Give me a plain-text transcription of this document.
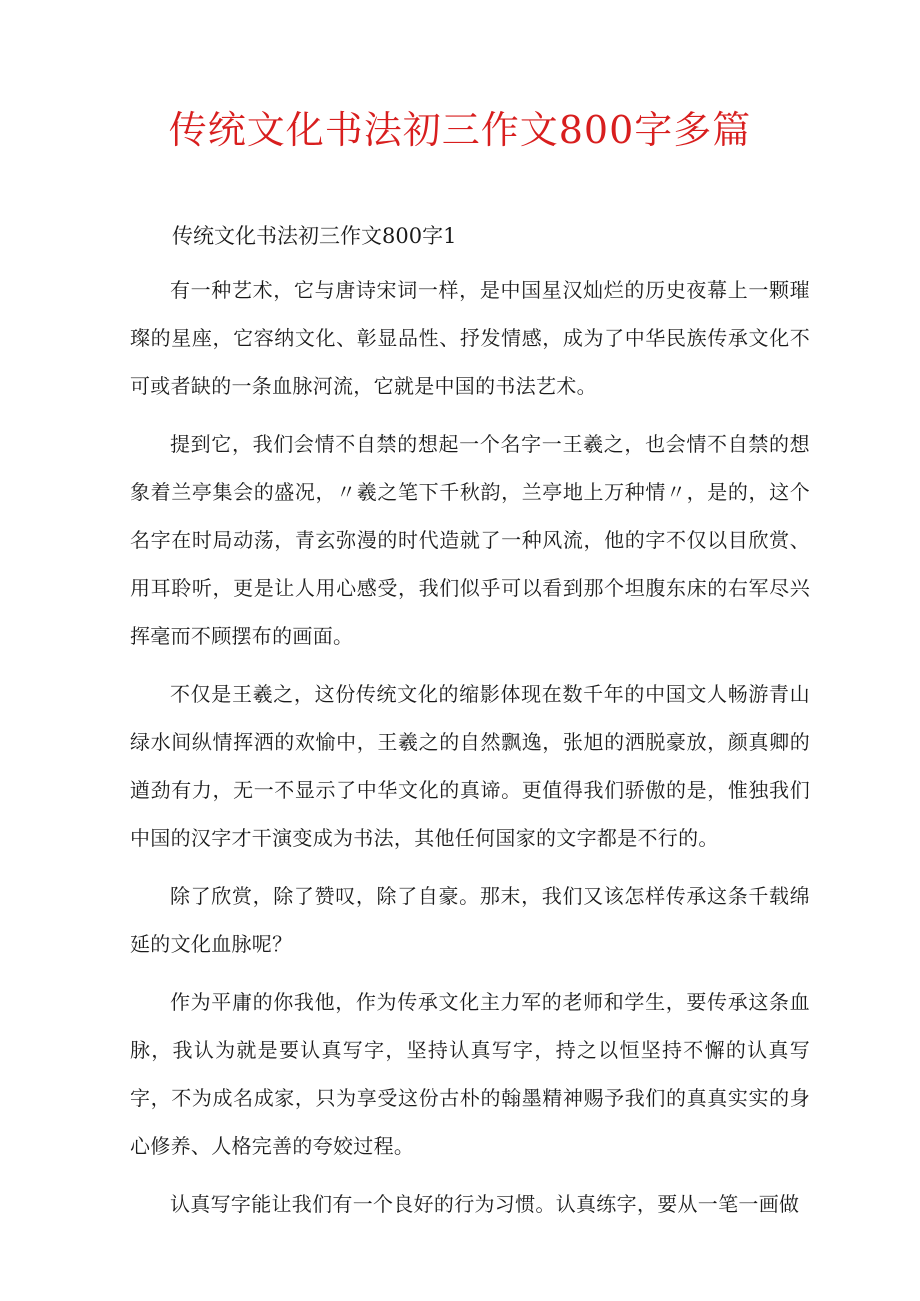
传统文化书法初三作文800字多篇
传统文化书法初三作文800字1

有一种艺术，它与唐诗宋词一样，是中国星汉灿烂的历史夜幕上一颗璀璨的星座，它容纳文化、彰显品性、抒发情感，成为了中华民族传承文化不可或者缺的一条血脉河流，它就是中国的书法艺术。

提到它，我们会情不自禁的想起一个名字一王羲之，也会情不自禁的想象着兰亭集会的盛况，〃羲之笔下千秋韵，兰亭地上万种情〃，是的，这个名字在时局动荡，青玄弥漫的时代造就了一种风流，他的字不仅以目欣赏、用耳聆听，更是让人用心感受，我们似乎可以看到那个坦腹东床的右军尽兴挥毫而不顾摆布的画面。

不仅是王羲之，这份传统文化的缩影体现在数千年的中国文人畅游青山绿水间纵情挥洒的欢愉中，王羲之的自然飘逸，张旭的洒脱豪放，颜真卿的遒劲有力，无一不显示了中华文化的真谛。更值得我们骄傲的是，惟独我们中国的汉字才干演变成为书法，其他任何国家的文字都是不行的。

除了欣赏，除了赞叹，除了自豪。那末，我们又该怎样传承这条千载绵延的文化血脉呢？

作为平庸的你我他，作为传承文化主力军的老师和学生，要传承这条血脉，我认为就是要认真写字，坚持认真写字，持之以恒坚持不懈的认真写字，不为成名成家，只为享受这份古朴的翰墨精神赐予我们的真真实实的身心修养、人格完善的夸姣过程。

认真写字能让我们有一个良好的行为习惯。认真练字，要从一笔一画做
